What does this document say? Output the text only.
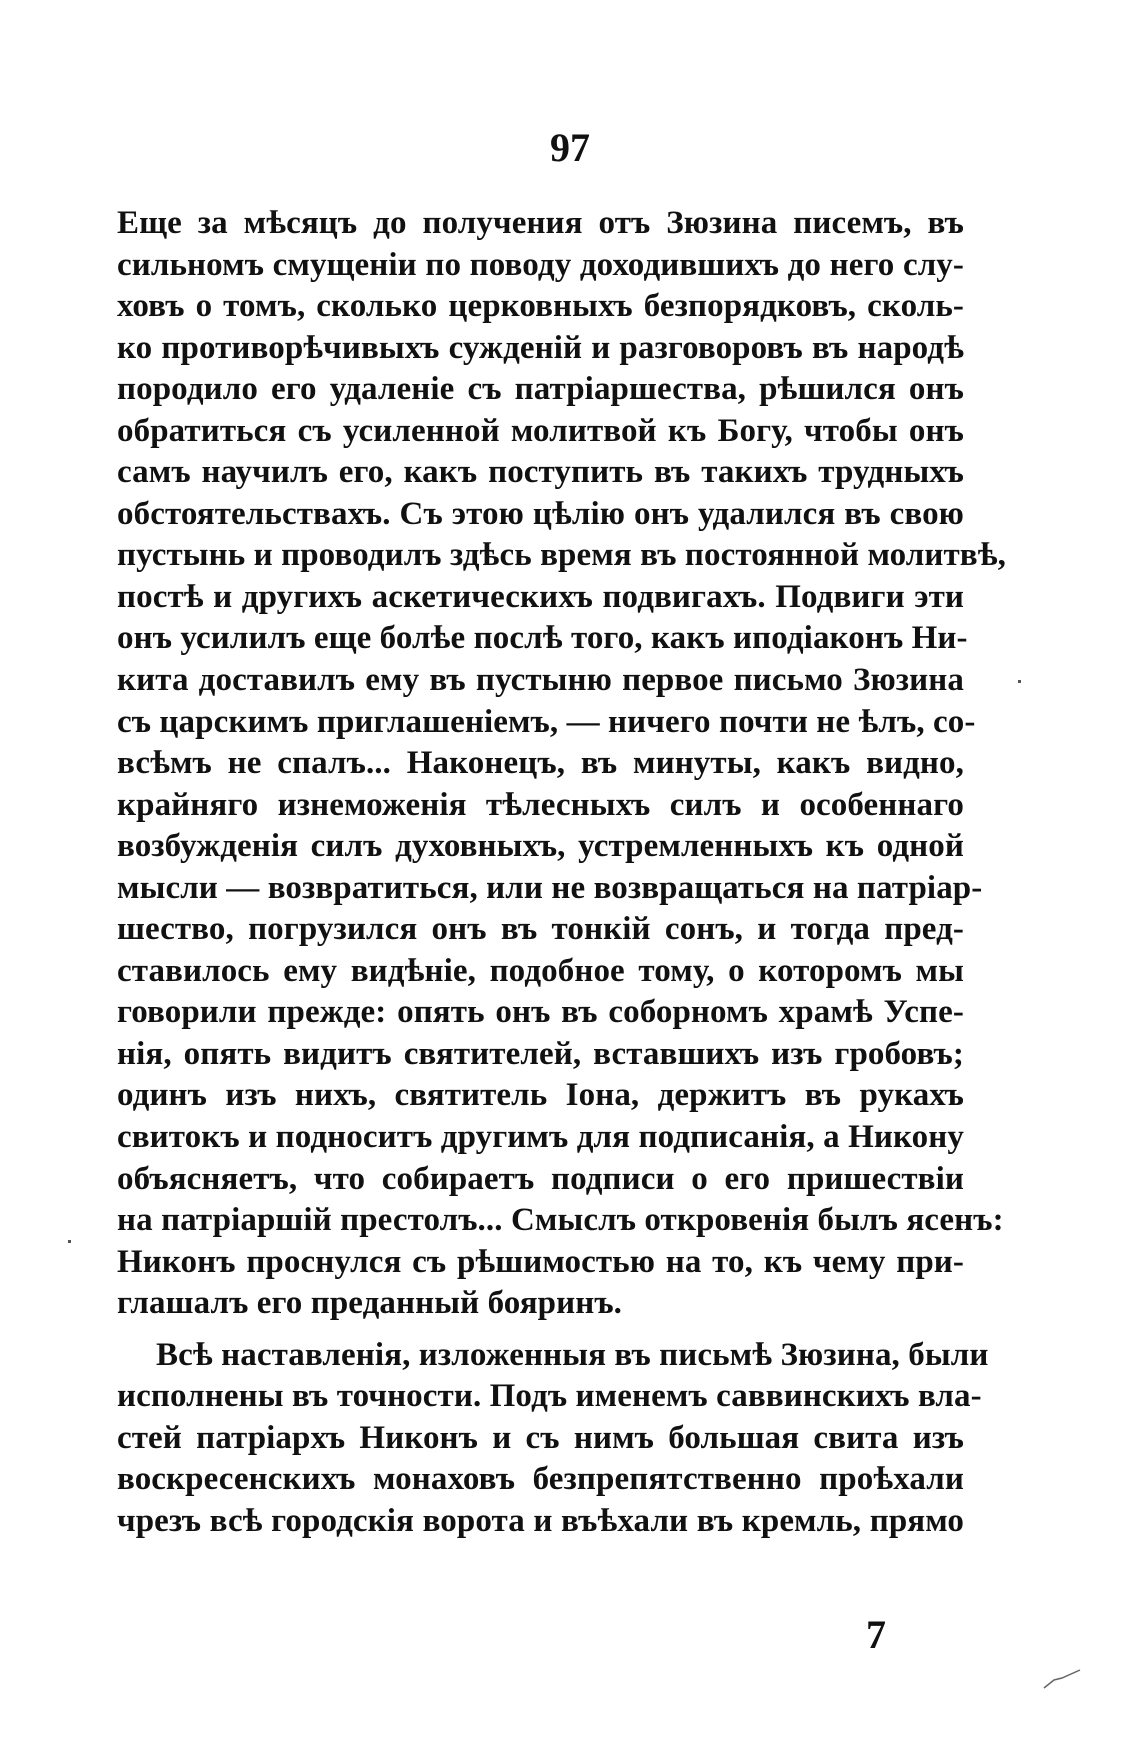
97
Еще за мѣсяцъ до получения отъ Зюзина писемъ, въ
сильномъ смущеніи по поводу доходившихъ до него слу-
ховъ о томъ, сколько церковныхъ безпорядковъ, сколь-
ко противорѣчивыхъ сужденій и разговоровъ въ народѣ
породило его удаленіе съ патріаршества, рѣшился онъ
обратиться съ усиленной молитвой къ Богу, чтобы онъ
самъ научилъ его, какъ поступить въ такихъ трудныхъ
обстоятельствахъ. Съ этою цѣлію онъ удалился въ свою
пустынь и проводилъ здѣсь время въ постоянной молитвѣ,
постѣ и другихъ аскетическихъ подвигахъ. Подвиги эти
онъ усилилъ еще болѣе послѣ того, какъ иподіаконъ Ни-
кита доставилъ ему въ пустыню первое письмо Зюзина
съ царскимъ приглашеніемъ, — ничего почти не ѣлъ, со-
всѣмъ не спалъ... Наконецъ, въ минуты, какъ видно,
крайняго изнеможенія тѣлесныхъ силъ и особеннаго
возбужденія силъ духовныхъ, устремленныхъ къ одной
мысли — возвратиться, или не возвращаться на патріар-
шество, погрузился онъ въ тонкій сонъ, и тогда пред-
ставилось ему видѣніе, подобное тому, о которомъ мы
говорили прежде: опять онъ въ соборномъ храмѣ Успе-
нія, опять видитъ святителей, вставшихъ изъ гробовъ;
одинъ изъ нихъ, святитель Іона, держитъ въ рукахъ
свитокъ и подноситъ другимъ для подписанія, а Никону
объясняетъ, что собираетъ подписи о его пришествіи
на патріаршій престолъ... Смыслъ откровенія былъ ясенъ:
Никонъ проснулся съ рѣшимостью на то, къ чему при-
глашалъ его преданный бояринъ.
Всѣ наставленія, изложенныя въ письмѣ Зюзина, были
исполнены въ точности. Подъ именемъ саввинскихъ вла-
стей патріархъ Никонъ и съ нимъ большая свита изъ
воскресенскихъ монаховъ безпрепятственно проѣхали
чрезъ всѣ городскія ворота и въѣхали въ кремль, прямо
7
